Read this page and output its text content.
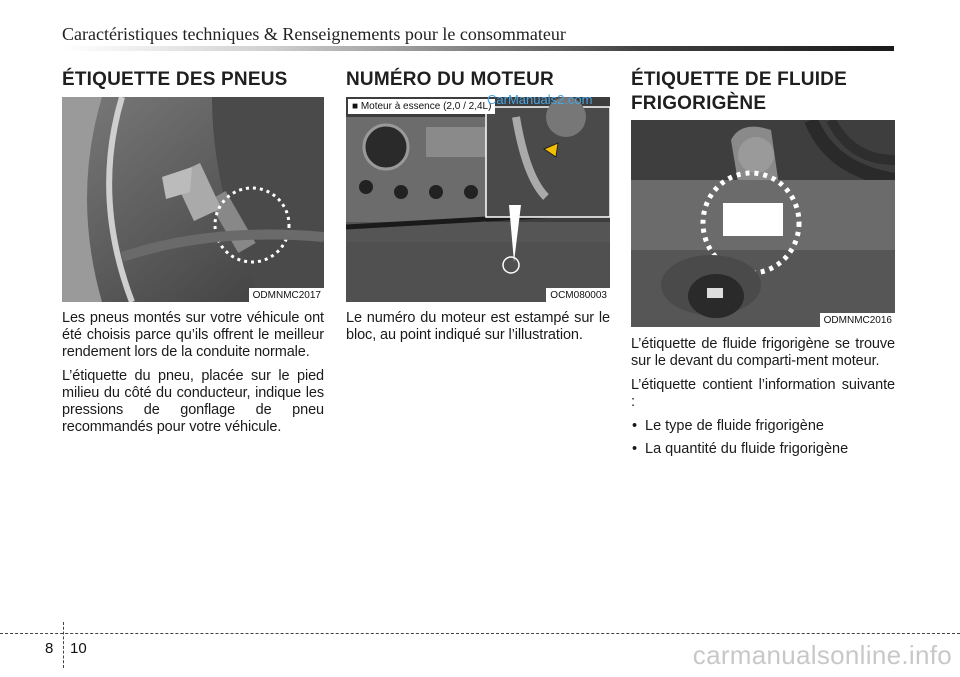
Caractéristiques techniques & Renseignements pour le consommateur
ÉTIQUETTE DES PNEUS
ODMNMC2017

Les pneus montés sur votre véhicule ont été choisis parce qu’ils offrent le meilleur rendement lors de la conduite normale.

L’étiquette du pneu, placée sur le pied milieu du côté du conducteur, indique les pressions de gonflage de pneu recommandés pour votre véhicule.

NUMÉRO DU MOTEUR
■ Moteur à essence (2,0 / 2,4L)
OCM080003

Le numéro du moteur est estampé sur le bloc, au point indiqué sur l’illustration.

CarManuals2.com
ÉTIQUETTE DE FLUIDE
FRIGORIGÈNE
ODMNMC2016

L’étiquette de fluide frigorigène se trouve sur le devant du comparti-ment moteur.

L’étiquette contient l’information suivante :

• Le type de fluide frigorigène
• La quantité du fluide frigorigène
8 10	carmanualsonline.info
